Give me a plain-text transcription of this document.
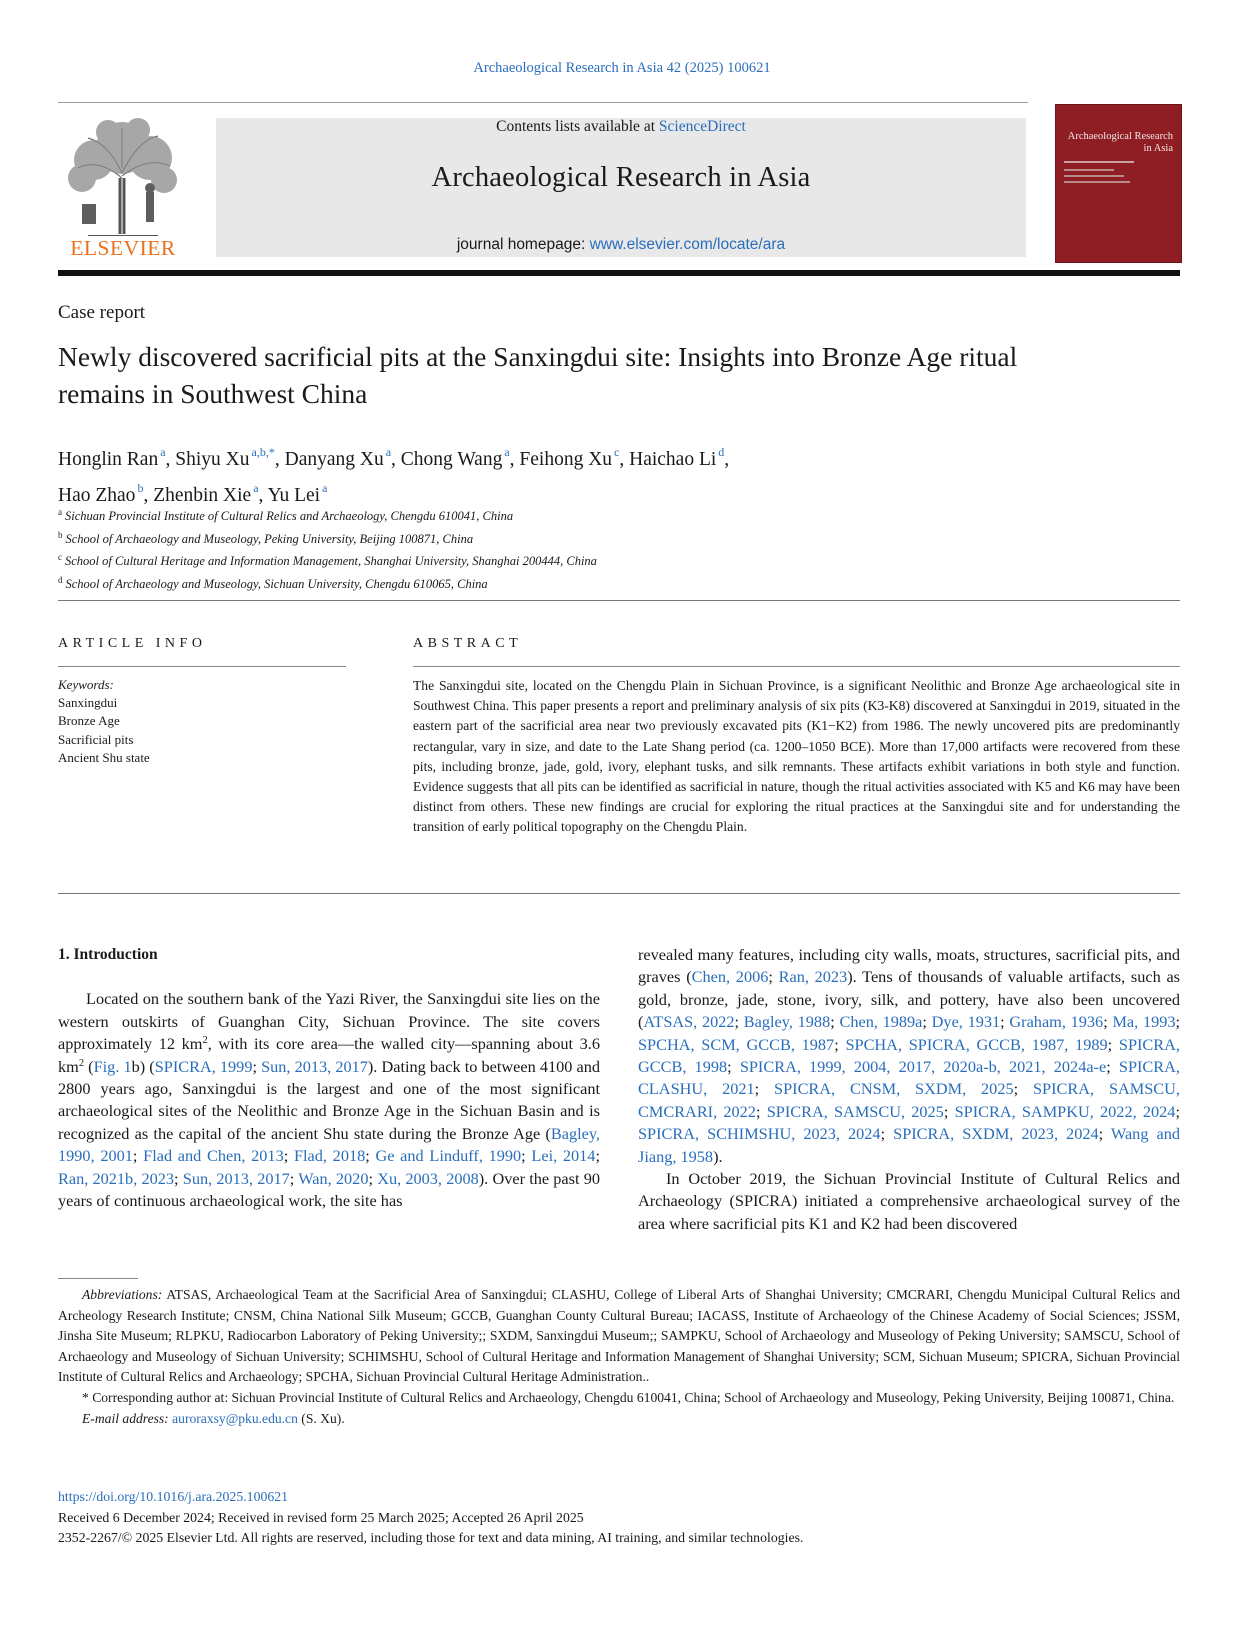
Archaeological Research in Asia 42 (2025) 100621
ELSEVIER
Contents lists available at ScienceDirect
Archaeological Research in Asia
journal homepage: www.elsevier.com/locate/ara
Archaeological Research in Asia
Case report
Newly discovered sacrificial pits at the Sanxingdui site: Insights into Bronze Age ritual remains in Southwest China
Honglin Ran $^a$, Shiyu Xu $^{a,b,*}$, Danyang Xu $^a$, Chong Wang $^a$, Feihong Xu $^c$, Haichao Li $^d$,
Hao Zhao $^b$, Zhenbin Xie $^a$, Yu Lei $^a$
$^a$ Sichuan Provincial Institute of Cultural Relics and Archaeology, Chengdu 610041, China
$^b$ School of Archaeology and Museology, Peking University, Beijing 100871, China
$^c$ School of Cultural Heritage and Information Management, Shanghai University, Shanghai 200444, China
$^d$ School of Archaeology and Museology, Sichuan University, Chengdu 610065, China
ARTICLE INFO	ABSTRACT
Keywords:
Sanxingdui
Bronze Age
Sacrificial pits
Ancient Shu state
The Sanxingdui site, located on the Chengdu Plain in Sichuan Province, is a significant Neolithic and Bronze Age archaeological site in Southwest China. This paper presents a report and preliminary analysis of six pits (K3-K8) discovered at Sanxingdui in 2019, situated in the eastern part of the sacrificial area near two previously excavated pits (K1−K2) from 1986. The newly uncovered pits are predominantly rectangular, vary in size, and date to the Late Shang period (ca. 1200–1050 BCE). More than 17,000 artifacts were recovered from these pits, including bronze, jade, gold, ivory, elephant tusks, and silk remnants. These artifacts exhibit variations in both style and function. Evidence suggests that all pits can be identified as sacrificial in nature, though the ritual activities associated with K5 and K6 may have been distinct from others. These new findings are crucial for exploring the ritual practices at the Sanxingdui site and for understanding the transition of early political topography on the Chengdu Plain.
1. Introduction

Located on the southern bank of the Yazi River, the Sanxingdui site lies on the western outskirts of Guanghan City, Sichuan Province. The site covers approximately 12 $km^2$, with its core area—the walled city—spanning about 3.6 $km^2$ (Fig. 1b) (SPICRA, 1999; Sun, 2013, 2017). Dating back to between 4100 and 2800 years ago, Sanxingdui is the largest and one of the most significant archaeological sites of the Neolithic and Bronze Age in the Sichuan Basin and is recognized as the capital of the ancient Shu state during the Bronze Age (Bagley, 1990, 2001; Flad and Chen, 2013; Flad, 2018; Ge and Linduff, 1990; Lei, 2014; Ran, 2021b, 2023; Sun, 2013, 2017; Wan, 2020; Xu, 2003, 2008). Over the past 90 years of continuous archaeological work, the site has

revealed many features, including city walls, moats, structures, sacrificial pits, and graves (Chen, 2006; Ran, 2023). Tens of thousands of valuable artifacts, such as gold, bronze, jade, stone, ivory, silk, and pottery, have also been uncovered (ATSAS, 2022; Bagley, 1988; Chen, 1989a; Dye, 1931; Graham, 1936; Ma, 1993; SPCHA, SCM, GCCB, 1987; SPCHA, SPICRA, GCCB, 1987, 1989; SPICRA, GCCB, 1998; SPICRA, 1999, 2004, 2017, 2020a-b, 2021, 2024a-e; SPICRA, CLASHU, 2021; SPICRA, CNSM, SXDM, 2025; SPICRA, SAMSCU, CMCRARI, 2022; SPICRA, SAMSCU, 2025; SPICRA, SAMPKU, 2022, 2024; SPICRA, SCHIMSHU, 2023, 2024; SPICRA, SXDM, 2023, 2024; Wang and Jiang, 1958).

In October 2019, the Sichuan Provincial Institute of Cultural Relics and Archaeology (SPICRA) initiated a comprehensive archaeological survey of the area where sacrificial pits K1 and K2 had been discovered

Abbreviations: ATSAS, Archaeological Team at the Sacrificial Area of Sanxingdui; CLASHU, College of Liberal Arts of Shanghai University; CMCRARI, Chengdu Municipal Cultural Relics and Archeology Research Institute; CNSM, China National Silk Museum; GCCB, Guanghan County Cultural Bureau; IACASS, Institute of Archaeology of the Chinese Academy of Social Sciences; JSSM, Jinsha Site Museum; RLPKU, Radiocarbon Laboratory of Peking University;; SXDM, Sanxingdui Museum;; SAMPKU, School of Archaeology and Museology of Peking University; SAMSCU, School of Archaeology and Museology of Sichuan University; SCHIMSHU, School of Cultural Heritage and Information Management of Shanghai University; SCM, Sichuan Museum; SPICRA, Sichuan Provincial Institute of Cultural Relics and Archaeology; SPCHA, Sichuan Provincial Cultural Heritage Administration..

* Corresponding author at: Sichuan Provincial Institute of Cultural Relics and Archaeology, Chengdu 610041, China; School of Archaeology and Museology, Peking University, Beijing 100871, China.

E-mail address: auroraxsy@pku.edu.cn (S. Xu).

https://doi.org/10.1016/j.ara.2025.100621
Received 6 December 2024; Received in revised form 25 March 2025; Accepted 26 April 2025
2352-2267/© 2025 Elsevier Ltd. All rights are reserved, including those for text and data mining, AI training, and similar technologies.
